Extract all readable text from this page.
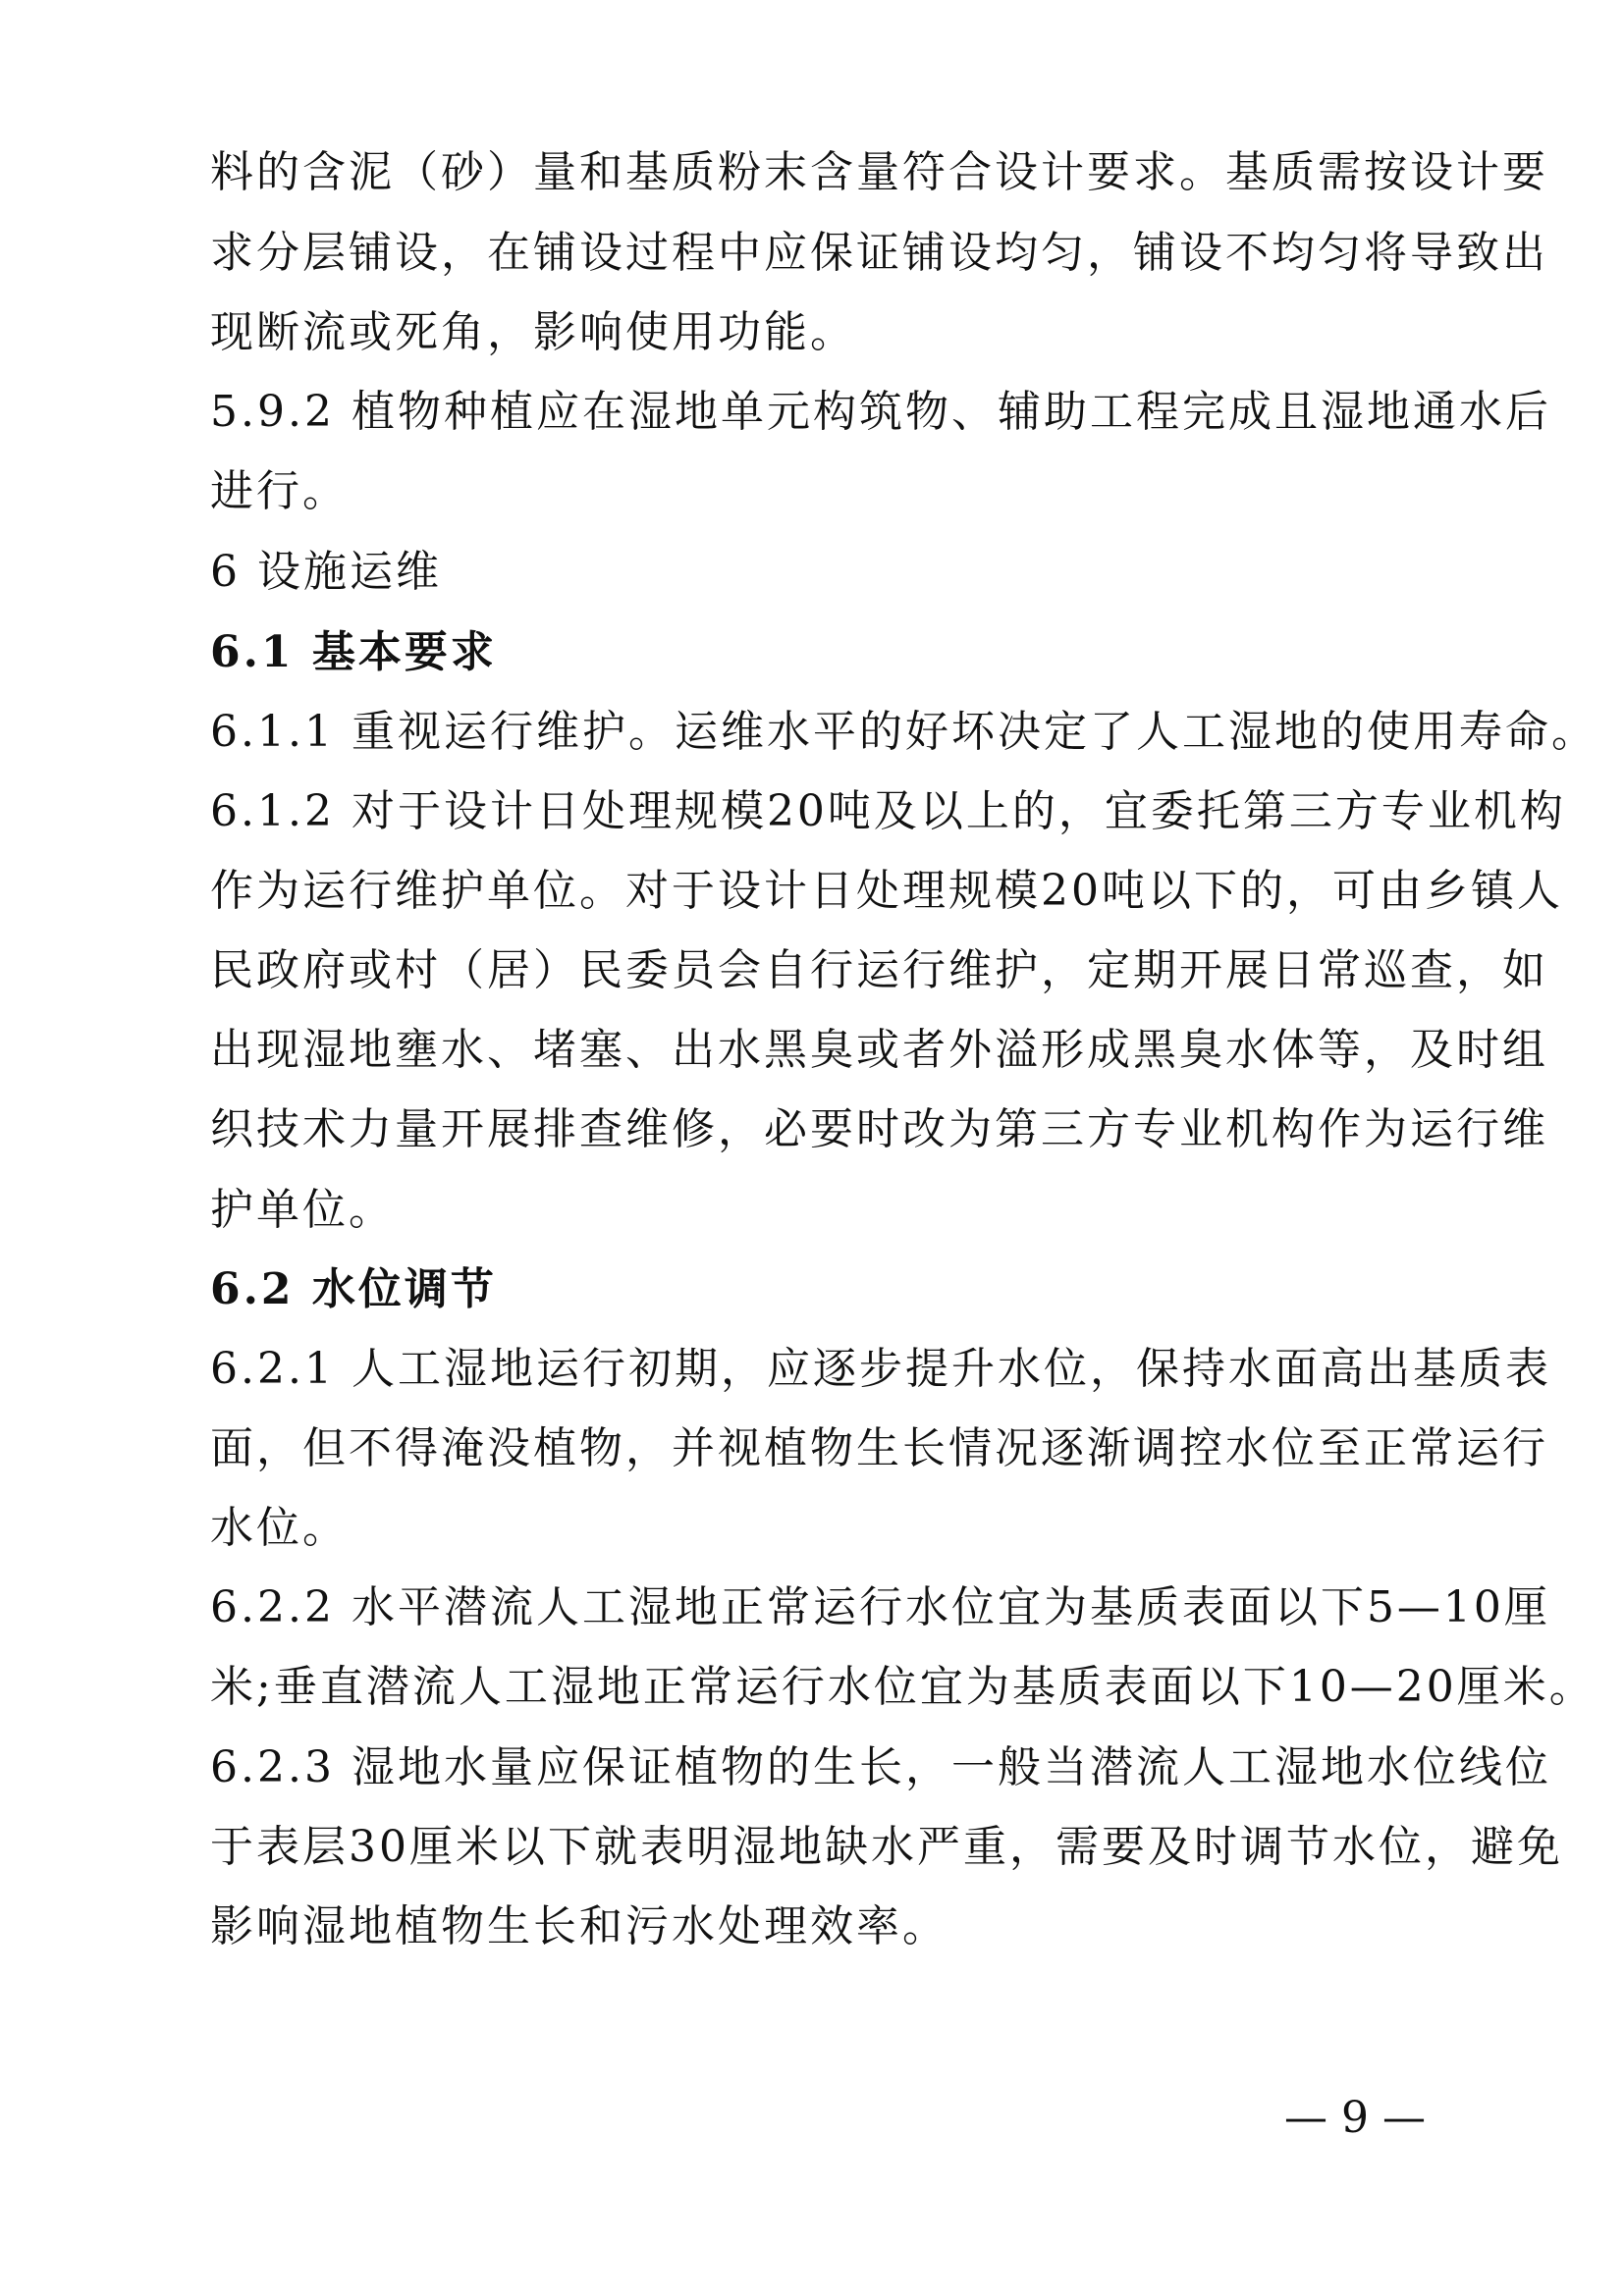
料的含泥（砂）量和基质粉末含量符合设计要求。基质需按设计要
求分层铺设，在铺设过程中应保证铺设均匀，铺设不均匀将导致出
现断流或死角，影响使用功能。
5.9.2 植物种植应在湿地单元构筑物、辅助工程完成且湿地通水后
进行。
6 设施运维
6.1 基本要求
6.1.1 重视运行维护。运维水平的好坏决定了人工湿地的使用寿命。
6.1.2 对于设计日处理规模20吨及以上的，宜委托第三方专业机构
作为运行维护单位。对于设计日处理规模20吨以下的，可由乡镇人
民政府或村（居）民委员会自行运行维护，定期开展日常巡查，如
出现湿地壅水、堵塞、出水黑臭或者外溢形成黑臭水体等，及时组
织技术力量开展排查维修，必要时改为第三方专业机构作为运行维
护单位。
6.2 水位调节
6.2.1 人工湿地运行初期，应逐步提升水位，保持水面高出基质表
面，但不得淹没植物，并视植物生长情况逐渐调控水位至正常运行
水位。
6.2.2 水平潜流人工湿地正常运行水位宜为基质表面以下5—10厘
米;垂直潜流人工湿地正常运行水位宜为基质表面以下10—20厘米。
6.2.3 湿地水量应保证植物的生长，一般当潜流人工湿地水位线位
于表层30厘米以下就表明湿地缺水严重，需要及时调节水位，避免
影响湿地植物生长和污水处理效率。
— 9 —
